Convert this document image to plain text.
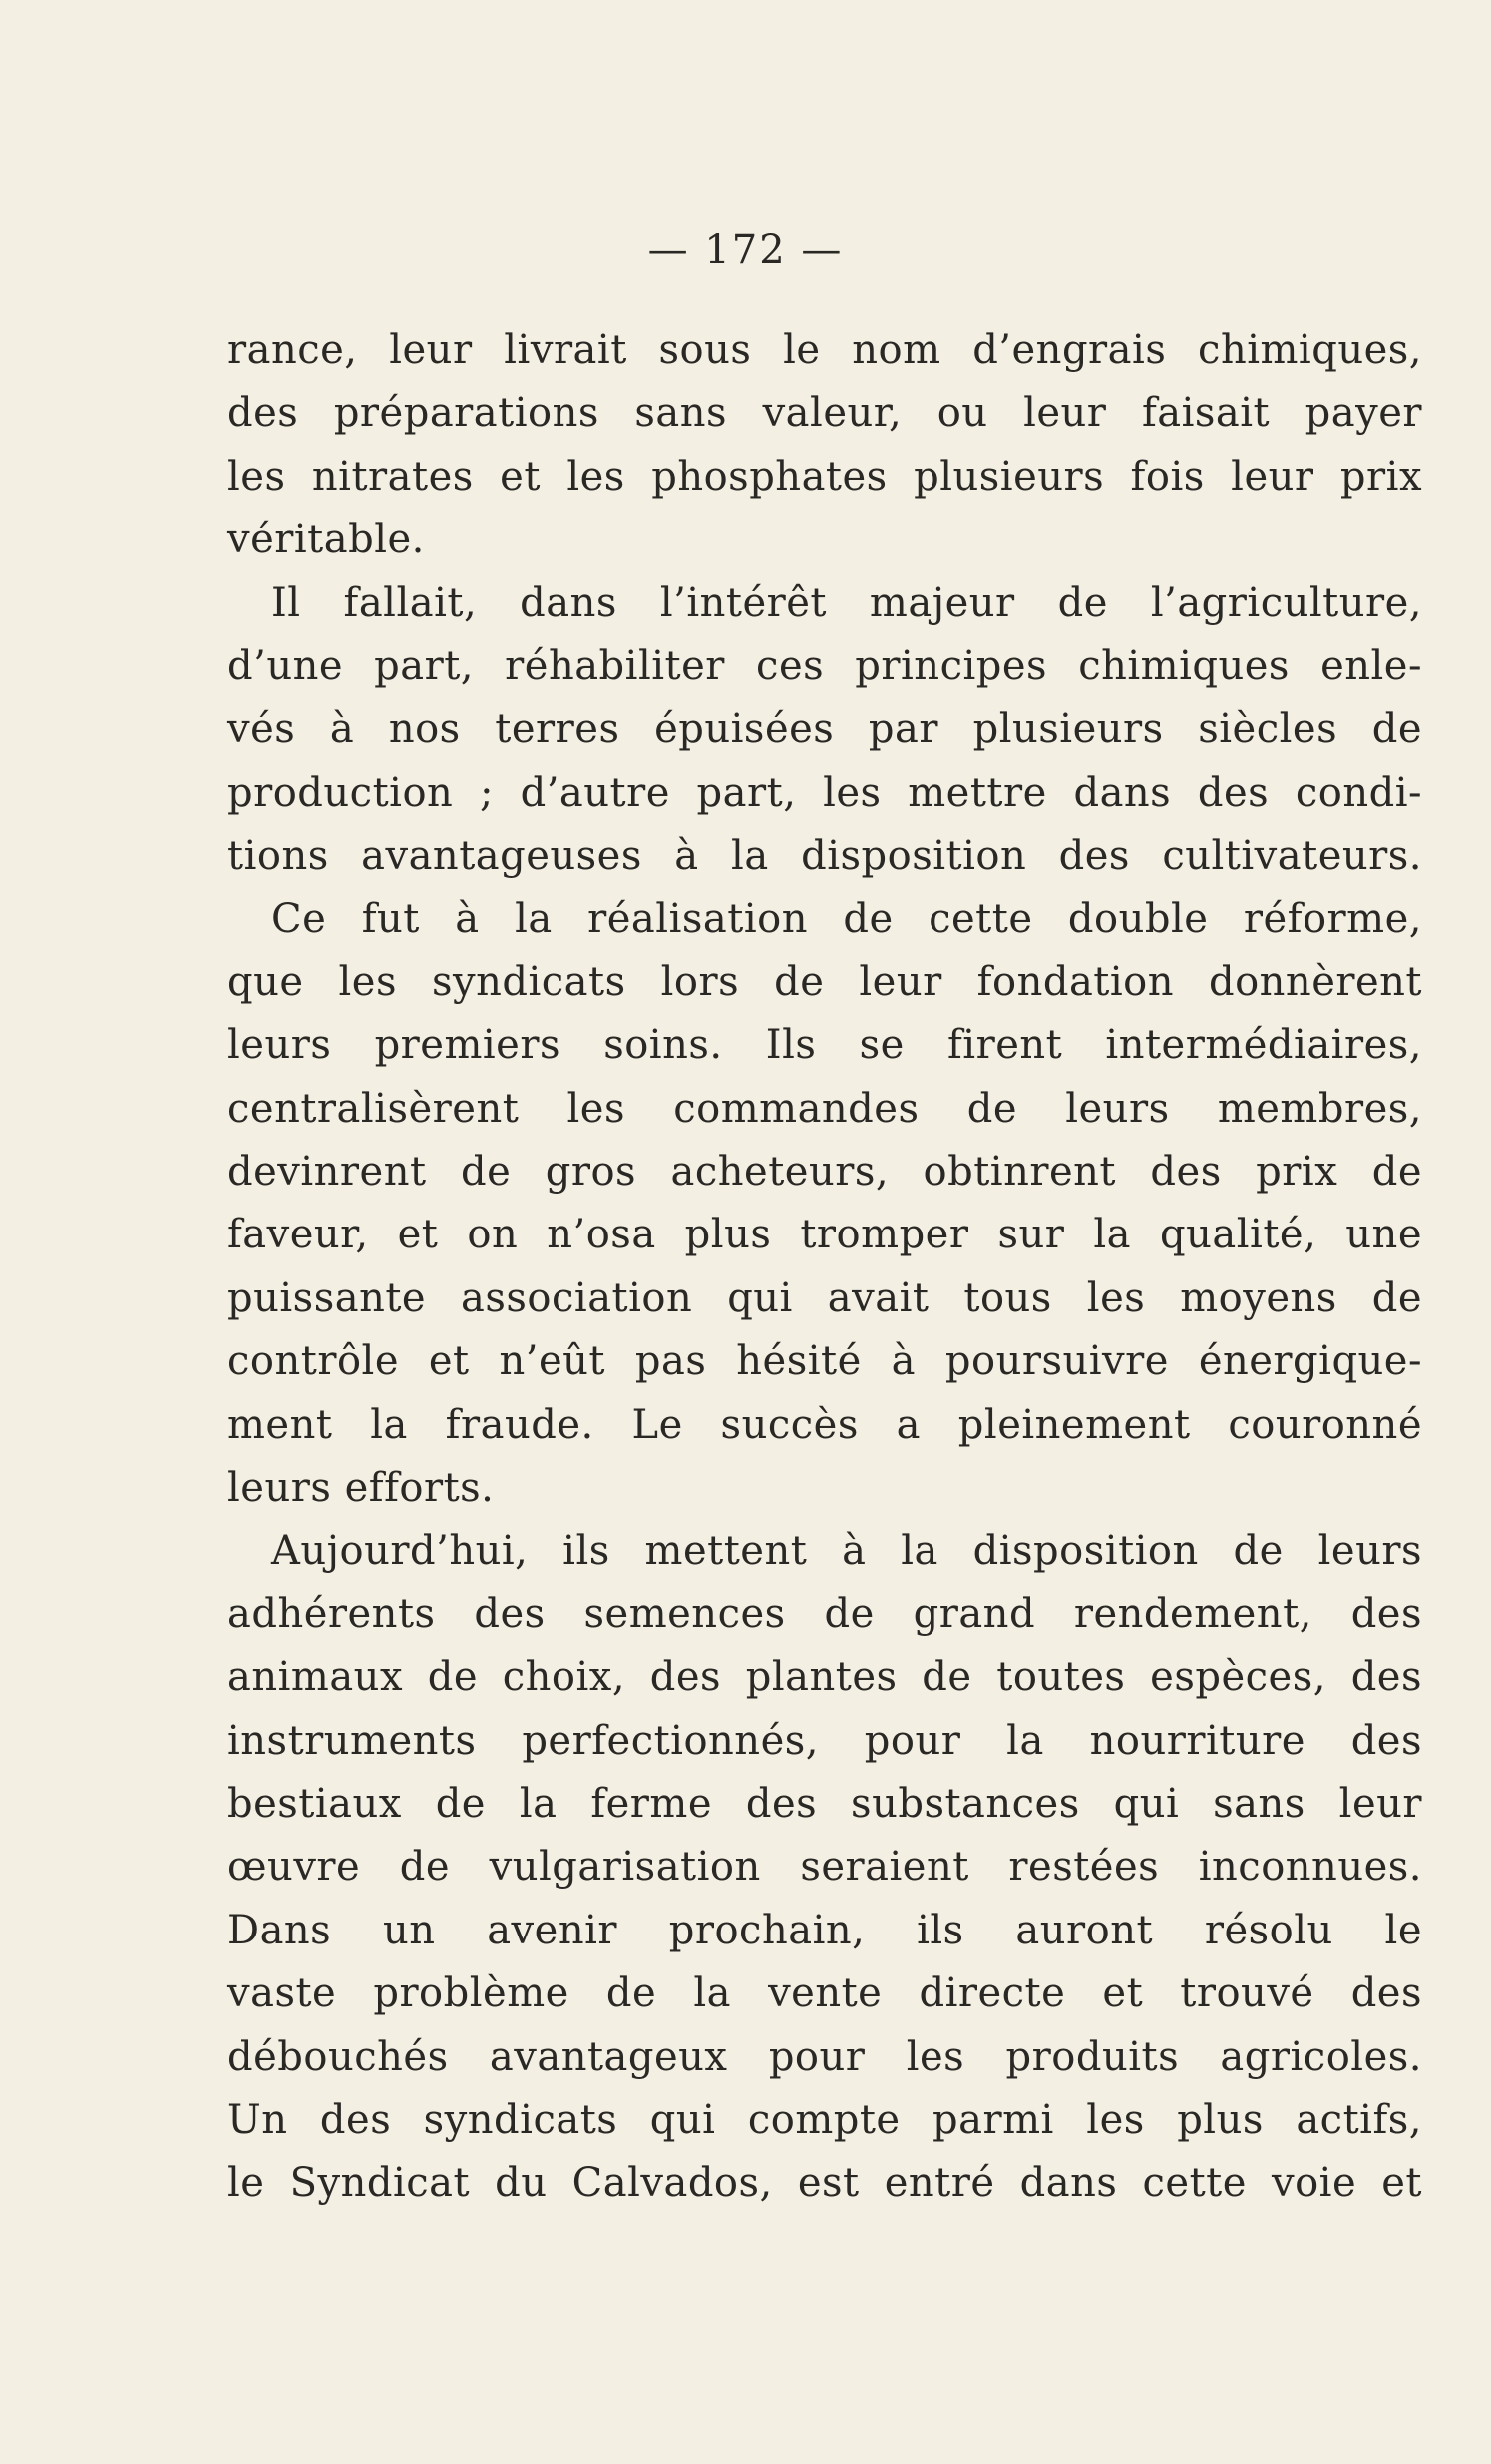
— 172 —
rance, leur livrait sous le nom d’engrais chimiques,
des préparations sans valeur, ou leur faisait payer
les nitrates et les phosphates plusieurs fois leur prix
véritable.
Il fallait, dans l’intérêt majeur de l’agriculture,
d’une part, réhabiliter ces principes chimiques enle-
vés à nos terres épuisées par plusieurs siècles de
production ; d’autre part, les mettre dans des condi-
tions avantageuses à la disposition des cultivateurs.
Ce fut à la réalisation de cette double réforme,
que les syndicats lors de leur fondation donnèrent
leurs premiers soins. Ils se firent intermédiaires,
centralisèrent les commandes de leurs membres,
devinrent de gros acheteurs, obtinrent des prix de
faveur, et on n’osa plus tromper sur la qualité, une
puissante association qui avait tous les moyens de
contrôle et n’eût pas hésité à poursuivre énergique-
ment la fraude. Le succès a pleinement couronné
leurs efforts.
Aujourd’hui, ils mettent à la disposition de leurs
adhérents des semences de grand rendement, des
animaux de choix, des plantes de toutes espèces, des
instruments perfectionnés, pour la nourriture des
bestiaux de la ferme des substances qui sans leur
œuvre de vulgarisation seraient restées inconnues.
Dans un avenir prochain, ils auront résolu le
vaste problème de la vente directe et trouvé des
débouchés avantageux pour les produits agricoles.
Un des syndicats qui compte parmi les plus actifs,
le Syndicat du Calvados, est entré dans cette voie et
